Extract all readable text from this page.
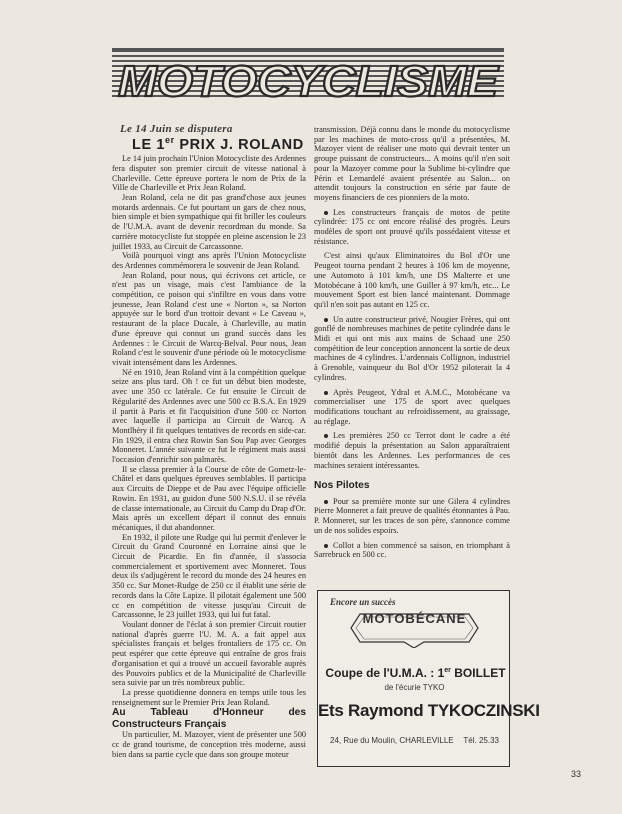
MOTOCYCLISME
Le 14 Juin se disputera
LE 1er PRIX J. ROLAND

Le 14 juin prochain l'Union Motocycliste des Ardennes fera disputer son premier circuit de vitesse national à Charleville. Cette épreuve portera le nom de Prix de la Ville de Charleville et Prix Jean Roland.

Jean Roland, cela ne dit pas grand'chose aux jeunes motards ardennais. Ce fut pourtant un gars de chez nous, bien simple et bien sympathique qui fit briller les couleurs de l'U.M.A. avant de devenir recordman du monde. Sa carrière motocycliste fut stoppée en pleine ascension le 23 juillet 1933, au Circuit de Carcassonne.

Voilà pourquoi vingt ans après l'Union Motocycliste des Ardennes commémorera le souvenir de Jean Roland.

Jean Roland, pour nous, qui écrivons cet article, ce n'est pas un visage, mais c'est l'ambiance de la compétition, ce poison qui s'infiltre en vous dans votre jeunesse, Jean Roland c'est une « Norton », sa Norton appuyée sur le bord d'un trottoir devant « Le Caveau », restaurant de la place Ducale, à Charleville, au matin d'une épreuve qui connut un grand succès dans les Ardennes : le Circuit de Warcq-Belval. Pour nous, Jean Roland c'est le souvenir d'une période où le motocyclisme vivait intensément dans les Ardennes.

Né en 1910, Jean Roland vint à la compétition quelque seize ans plus tard. Oh ! ce fut un début bien modeste, avec une 350 cc latérale. Ce fut ensuite le Circuit de Régularité des Ardennes avec une 500 cc B.S.A. En 1929 il partit à Paris et fit l'acquisition d'une 500 cc Norton avec laquelle il participa au Circuit de Warcq. A Montlhéry il fit quelques tentatives de records en side-car. Fin 1929, il entra chez Rowin San Sou Pap avec Georges Monneret. L'année suivante ce fut le régiment mais aussi l'occasion d'enrichir son palmarès.

Il se classa premier à la Course de côte de Gometz-le-Châtel et dans quelques épreuves semblables. Il participa aux Circuits de Dieppe et de Pau avec l'équipe officielle Rowin. En 1931, au guidon d'une 500 N.S.U. il se révéla de classe internationale, au Circuit du Camp du Drap d'Or. Mais après un excellent départ il connut des ennuis mécaniques, il dut abandonner.

En 1932, il pilote une Rudge qui lui permit d'enlever le Circuit du Grand Couronné en Lorraine ainsi que le Circuit de Picardie. En fin d'année, il s'associa commercialement et sportivement avec Monneret. Tous deux ils s'adjugèrent le record du monde des 24 heures en 350 cc. Sur Monet-Rudge de 250 cc il établit une série de records dans la Côte Lapize. Il pilotait également une 500 cc en compétition de vitesse jusqu'au Circuit de Carcassonne, le 23 juillet 1933, qui lui fut fatal.

Voulant donner de l'éclat à son premier Circuit routier national d'après guerre l'U. M. A. a fait appel aux spécialistes français et belges frontaliers de 175 cc. On peut espérer que cette épreuve qui entraîne de gros frais d'organisation et qui a trouvé un accueil favorable auprès des Pouvoirs publics et de la Municipalité de Charleville sera suivie par un très nombreux public.

La presse quotidienne donnera en temps utile tous les renseignement sur le Premier Prix Jean Roland.

Au Tableau d'Honneur des Constructeurs Français

Un particulier, M. Mazoyer, vient de présenter une 500 cc de grand tourisme, de conception très moderne, aussi bien dans sa partie cycle que dans son groupe moteur

transmission. Déjà connu dans le monde du motocyclisme par les machines de moto-cross qu'il a présentées, M. Mazoyer vient de réaliser une moto qui devrait tenter un groupe puissant de constructeurs... A moins qu'il n'en soit pour la Mazoyer comme pour la Sublime bi-cylindre que Périn et Lemardelé avaient présentée au Salon... on attendit toujours la construction en série par faute de moyens financiers de ces pionniers de la moto.

Les constructeurs français de motos de petite cylindrée: 175 cc ont encore réalisé des progrès. Leurs modèles de sport ont prouvé qu'ils possédaient vitesse et résistance.

C'est ainsi qu'aux Eliminatoires du Bol d'Or une Peugeot tourna pendant 2 heures à 106 km de moyenne, une Automoto à 101 km/h, une DS Malterre et une Motobécane à 100 km/h, une Guiller à 97 km/h, etc... Le mouvement Sport est bien lancé maintenant. Dommage qu'il n'en soit pas autant en 125 cc.

Un autre constructeur privé, Nougier Frères, qui ont gonflé de nombreuses machines de petite cylindrée dans le Midi et qui ont mis aux mains de Schaad une 250 compétition de leur conception annoncent la sortie de deux machines de 4 cylindres. L'ardennais Collignon, industriel à Grenoble, vainqueur du Bol d'Or 1952 piloterait la 4 cylindres.

Après Peugeot, Ydral et A.M.C., Motobécane va commercialiser une 175 de sport avec quelques modifications touchant au refroidissement, au graissage, au réglage.

Les premières 250 cc Terrot dont le cadre a été modifié depuis la présentation au Salon apparaîtraient bientôt dans les Ardennes. Les performances de ces machines seraient intéressantes.

Nos Pilotes

Pour sa première monte sur une Gilera 4 cylindres Pierre Monneret a fait preuve de qualités étonnantes à Pau. P. Monneret, sur les traces de son père, s'annonce comme un de nos solides espoirs.

Collot a bien commencé sa saison, en triomphant à Sarrebruck en 500 cc.

Encore un succès
MOTOBÉCANE
Coupe de l'U.M.A. : 1er BOILLET
de l'écurie TYKO
Ets Raymond TYKOCZINSKI
24, Rue du Moulin, CHARLEVILLE Tél. 25.33
33
